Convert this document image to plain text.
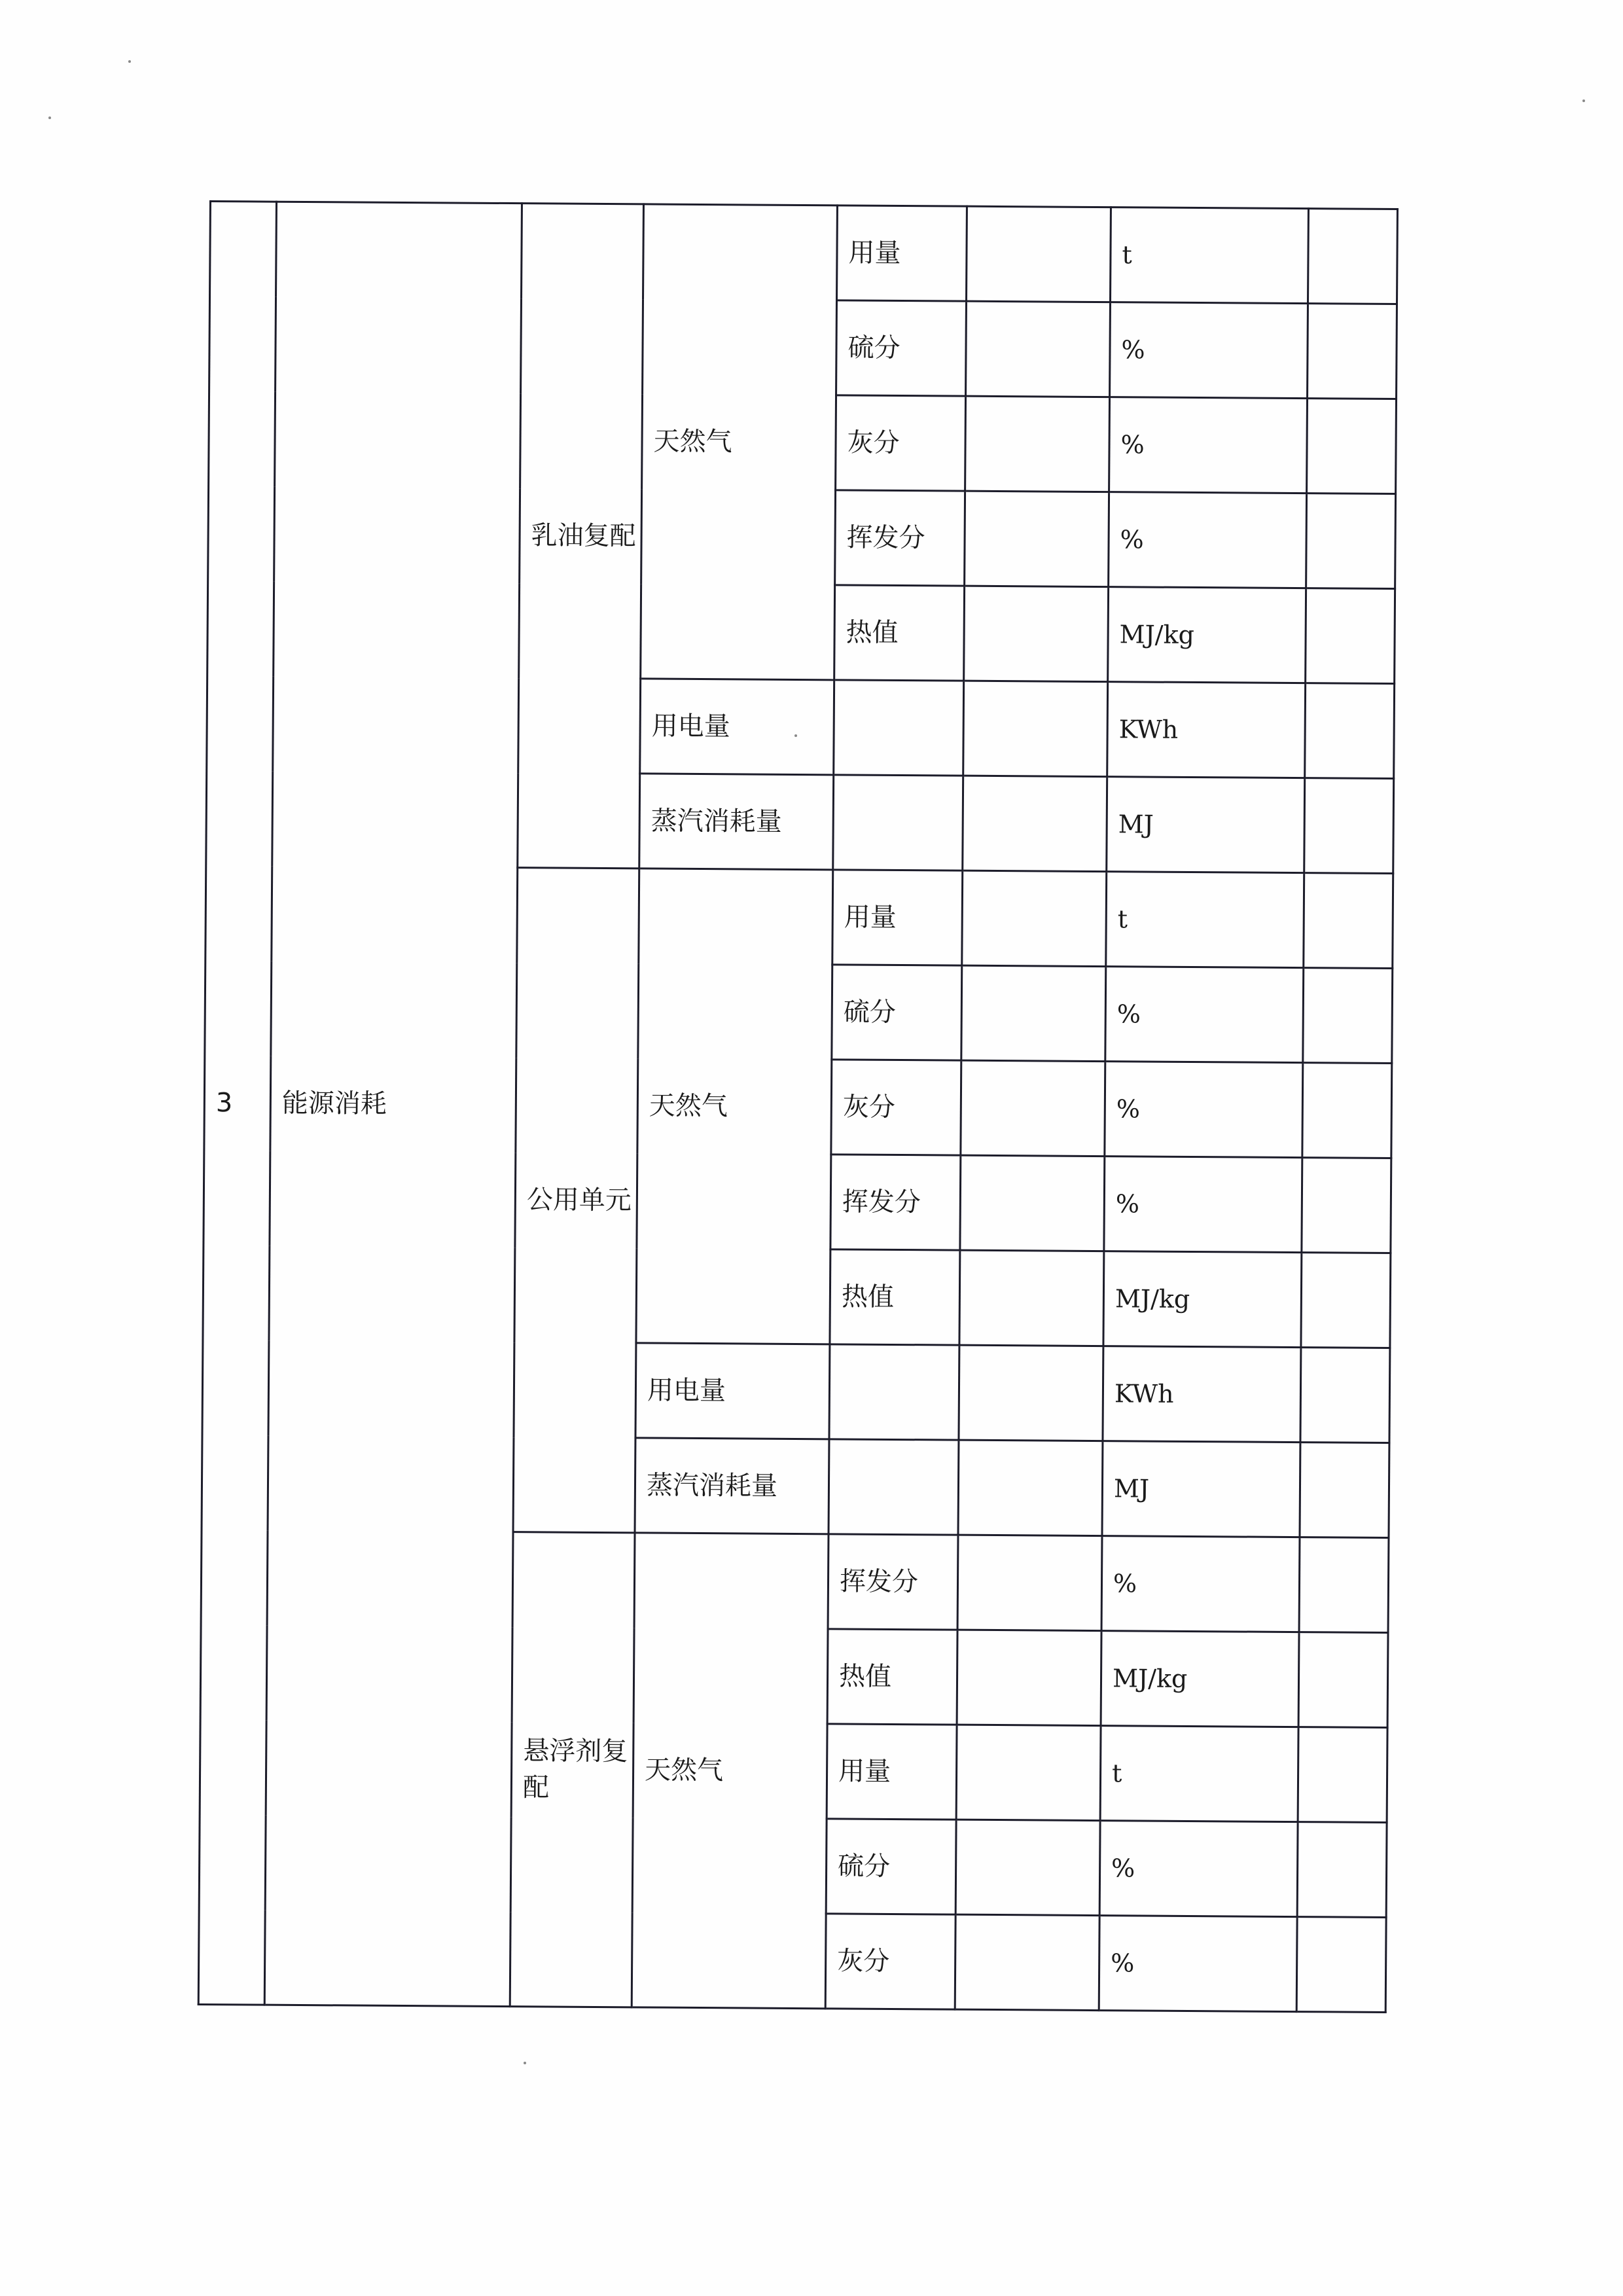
3	能源消耗	乳油复配	天然气	用量		t	
				硫分		%	
				灰分		%	
				挥发分		%	
				热值		MJ/kg	
			用电量			KWh	
			蒸汽消耗量			MJ	
		公用单元	天然气	用量		t	
				硫分		%	
				灰分		%	
				挥发分		%	
				热值		MJ/kg	
			用电量			KWh	
			蒸汽消耗量			MJ	
		悬浮剂复配	天然气	挥发分		%	
				热值		MJ/kg	
				用量		t	
				硫分		%	
				灰分		%	
